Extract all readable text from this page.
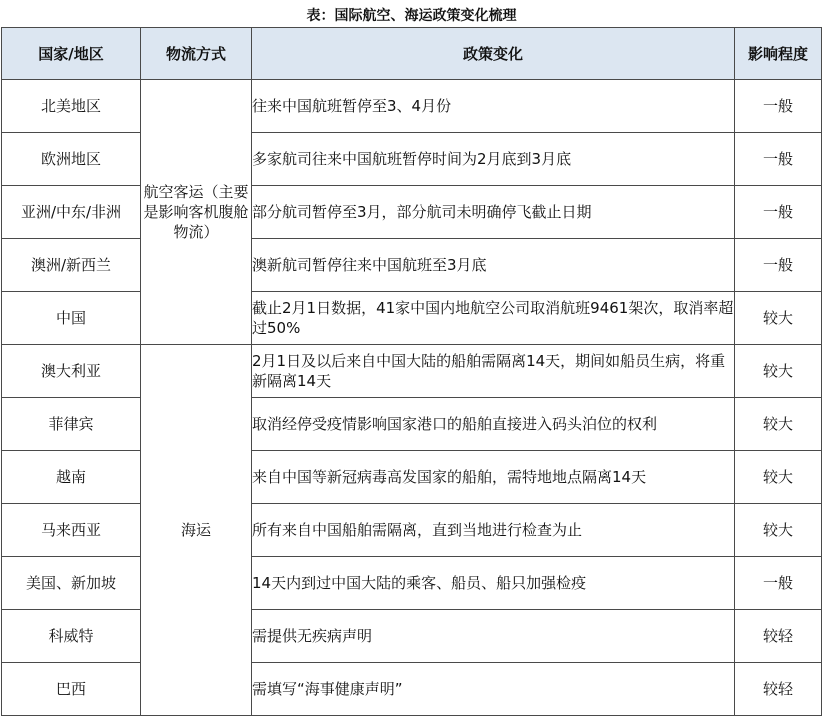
表：国际航空、海运政策变化梳理
国家/地区	物流方式	政策变化	影响程度
北美地区	航空客运（主要是影响客机腹舱物流）	往来中国航班暂停至3、4月份	一般
欧洲地区		多家航司往来中国航班暂停时间为2月底到3月底	一般
亚洲/中东/非洲		部分航司暂停至3月，部分航司未明确停飞截止日期	一般
澳洲/新西兰		澳新航司暂停往来中国航班至3月底	一般
中国		截止2月1日数据，41家中国内地航空公司取消航班9461架次，取消率超过50%	较大
澳大利亚	海运	2月1日及以后来自中国大陆的船舶需隔离14天，期间如船员生病，将重新隔离14天	较大
菲律宾		取消经停受疫情影响国家港口的船舶直接进入码头泊位的权利	较大
越南		来自中国等新冠病毒高发国家的船舶，需特地地点隔离14天	较大
马来西亚		所有来自中国船舶需隔离，直到当地进行检查为止	较大
美国、新加坡		14天内到过中国大陆的乘客、船员、船只加强检疫	一般
科威特		需提供无疾病声明	较轻
巴西		需填写“海事健康声明”	较轻
